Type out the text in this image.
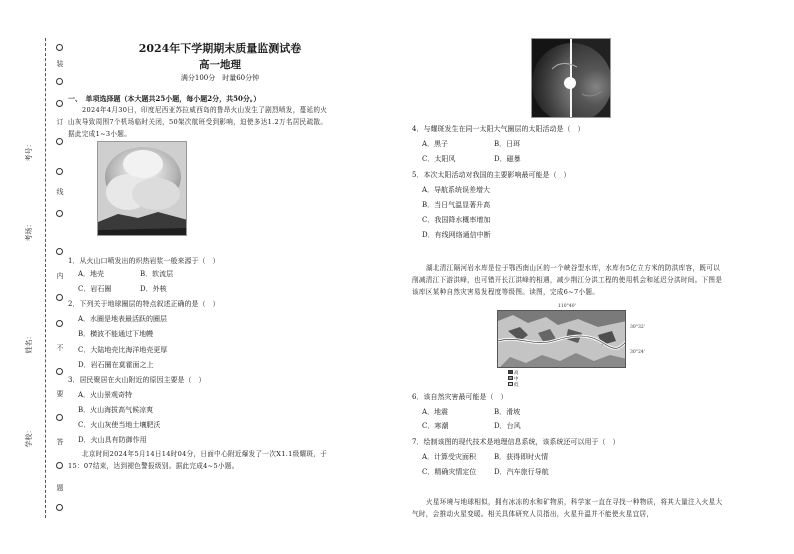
装
订
考号：
线
考场：
内
姓名：	不
要
学校：	答
题
2024年下学期期末质量监测试卷
高一地理
满分100分　时量60分钟
一、　单项选择题（本大题共25小题，每小题2分，共50分。）
2024年4月30日，印度尼西亚苏拉威西岛的鲁昂火山发生了剧烈喷发，蔓延的火山灰导致周围7个机场临时关闭，50架次航班受到影响，迫使多达1.2万名居民疏散。据此完成1~3小题。
1．从火山口喷发出的炽热岩浆一般来源于（　）
A．地壳	B．软流层
C．岩石圈	D．外核
2．下列关于地球圈层的特点叙述正确的是（　）
A．水圈是地表最活跃的圈层
B．横波不能通过下地幔
C．大陆地壳比海洋地壳更厚
D．岩石圈在莫霍面之上
3．居民聚居在火山附近的原因主要是（　）
A．火山景观奇特
B．火山海拔高气候凉爽
C．火山灰使当地土壤肥沃
D．火山具有防御作用
北京时间2024年5月14日14时04分，日面中心附近爆发了一次X1.1级耀斑，于15：07结束，达到褪色警报级别。据此完成4~5小题。
4．与耀斑发生在同一太阳大气圈层的太阳活动是（　）
A．黑子	B．日珥
C．太阳风	D．磁暴
5．本次太阳活动对我国的主要影响最可能是（　）
A．导航系统误差增大
B．当日气温显著升高
C．我国降水概率增加
D．有线网络通信中断
湖北清江隔河岩水库是位于鄂西南山区的一个峡谷型水库，水库有5亿立方米的防洪库容，既可以削减清江下游洪峰，也可错开长江洪峰的相遇，减少荆江分洪工程的使用机会和延迟分洪时间。下图是该库区某种自然灾害易发程度等级图。读图，完成6~7小题。
110°40'
30°32'
30°24'
高
中
低
6．该自然灾害最可能是（　）
A．地震	B．滑坡
C．寒潮	D．台风
7．绘制该图的现代技术是地理信息系统，该系统还可以用于（　）
A．计算受灾面积	B．获得即时火情
C．精确灾情定位	D．汽车旅行导航
火星环境与地球相似，拥有冰冻的水和矿物质，科学家一直在寻找一种物质，将其大量注入火星大气时，会推动火星变暖。相关具体研究人员指出，火星升温并不能使火星宜居，
